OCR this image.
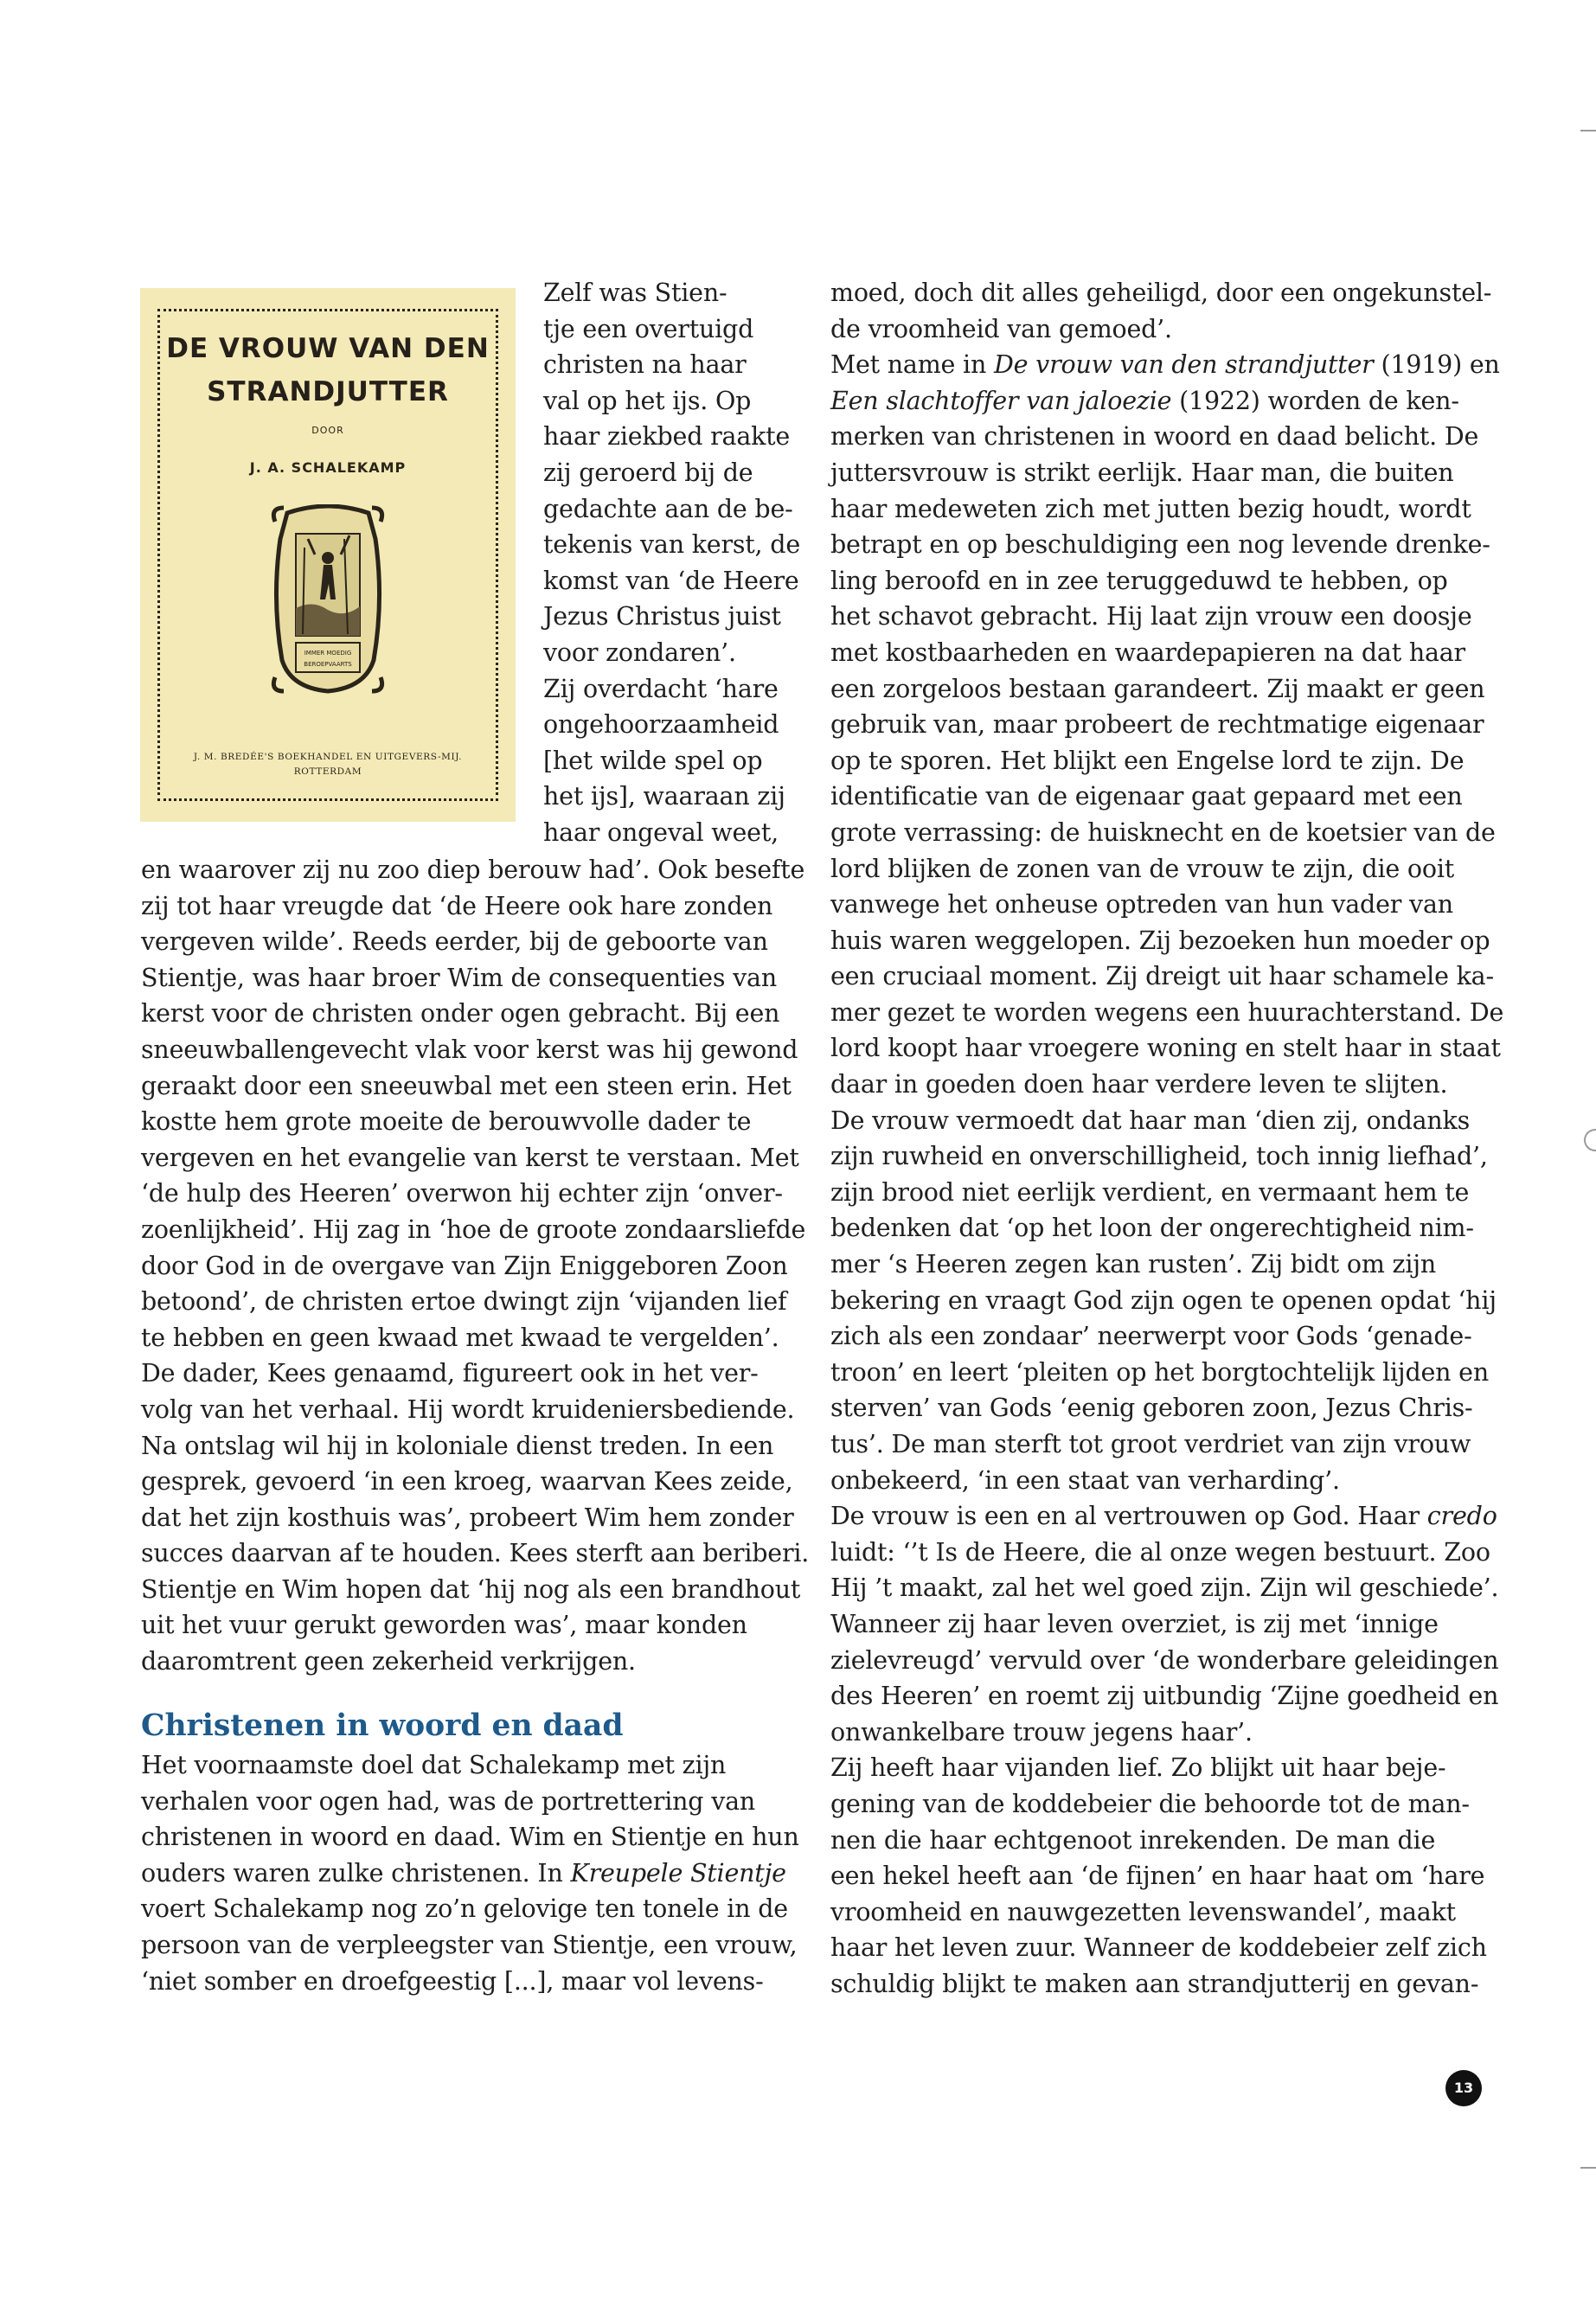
DE VROUW VAN DEN
STRANDJUTTER
DOOR
J. A. SCHALEKAMP
IMMER MOEDIG
BEROEPVAARTS
J. M. BREDÉE'S BOEKHANDEL EN UITGEVERS-MIJ.
ROTTERDAM
Zelf was Stien-
tje een overtuigd
christen na haar
val op het ijs. Op
haar ziekbed raakte
zij geroerd bij de
gedachte aan de be-
tekenis van kerst, de
komst van ‘de Heere
Jezus Christus juist
voor zondaren’.
Zij overdacht ‘hare
ongehoorzaamheid
[het wilde spel op
het ijs], waaraan zij
haar ongeval weet,
en waarover zij nu zoo diep berouw had’. Ook besefte
zij tot haar vreugde dat ‘de Heere ook hare zonden
vergeven wilde’. Reeds eerder, bij de geboorte van
Stientje, was haar broer Wim de consequenties van
kerst voor de christen onder ogen gebracht. Bij een
sneeuwballengevecht vlak voor kerst was hij gewond
geraakt door een sneeuwbal met een steen erin. Het
kostte hem grote moeite de berouwvolle dader te
vergeven en het evangelie van kerst te verstaan. Met
‘de hulp des Heeren’ overwon hij echter zijn ‘onver-
zoenlijkheid’. Hij zag in ‘hoe de groote zondaarsliefde
door God in de overgave van Zijn Eniggeboren Zoon
betoond’, de christen ertoe dwingt zijn ‘vijanden lief
te hebben en geen kwaad met kwaad te vergelden’.
De dader, Kees genaamd, figureert ook in het ver-
volg van het verhaal. Hij wordt kruideniersbediende.
Na ontslag wil hij in koloniale dienst treden. In een
gesprek, gevoerd ‘in een kroeg, waarvan Kees zeide,
dat het zijn kosthuis was’, probeert Wim hem zonder
succes daarvan af te houden. Kees sterft aan beriberi.
Stientje en Wim hopen dat ‘hij nog als een brandhout
uit het vuur gerukt geworden was’, maar konden
daaromtrent geen zekerheid verkrijgen.
Christenen in woord en daad
Het voornaamste doel dat Schalekamp met zijn
verhalen voor ogen had, was de portrettering van
christenen in woord en daad. Wim en Stientje en hun
ouders waren zulke christenen. In Kreupele Stientje
voert Schalekamp nog zo’n gelovige ten tonele in de
persoon van de verpleegster van Stientje, een vrouw,
‘niet somber en droefgeestig [...], maar vol levens-
moed, doch dit alles geheiligd, door een ongekunstel-
de vroomheid van gemoed’.
Met name in De vrouw van den strandjutter (1919) en
Een slachtoffer van jaloezie (1922) worden de ken-
merken van christenen in woord en daad belicht. De
juttersvrouw is strikt eerlijk. Haar man, die buiten
haar medeweten zich met jutten bezig houdt, wordt
betrapt en op beschuldiging een nog levende drenke-
ling beroofd en in zee teruggeduwd te hebben, op
het schavot gebracht. Hij laat zijn vrouw een doosje
met kostbaarheden en waardepapieren na dat haar
een zorgeloos bestaan garandeert. Zij maakt er geen
gebruik van, maar probeert de rechtmatige eigenaar
op te sporen. Het blijkt een Engelse lord te zijn. De
identificatie van de eigenaar gaat gepaard met een
grote verrassing: de huisknecht en de koetsier van de
lord blijken de zonen van de vrouw te zijn, die ooit
vanwege het onheuse optreden van hun vader van
huis waren weggelopen. Zij bezoeken hun moeder op
een cruciaal moment. Zij dreigt uit haar schamele ka-
mer gezet te worden wegens een huurachterstand. De
lord koopt haar vroegere woning en stelt haar in staat
daar in goeden doen haar verdere leven te slijten.
De vrouw vermoedt dat haar man ‘dien zij, ondanks
zijn ruwheid en onverschilligheid, toch innig liefhad’,
zijn brood niet eerlijk verdient, en vermaant hem te
bedenken dat ‘op het loon der ongerechtigheid nim-
mer ‘s Heeren zegen kan rusten’. Zij bidt om zijn
bekering en vraagt God zijn ogen te openen opdat ‘hij
zich als een zondaar’ neerwerpt voor Gods ‘genade-
troon’ en leert ‘pleiten op het borgtochtelijk lijden en
sterven’ van Gods ‘eenig geboren zoon, Jezus Chris-
tus’. De man sterft tot groot verdriet van zijn vrouw
onbekeerd, ‘in een staat van verharding’.
De vrouw is een en al vertrouwen op God. Haar credo
luidt: ‘’t Is de Heere, die al onze wegen bestuurt. Zoo
Hij ’t maakt, zal het wel goed zijn. Zijn wil geschiede’.
Wanneer zij haar leven overziet, is zij met ‘innige
zielevreugd’ vervuld over ‘de wonderbare geleidingen
des Heeren’ en roemt zij uitbundig ‘Zijne goedheid en
onwankelbare trouw jegens haar’.
Zij heeft haar vijanden lief. Zo blijkt uit haar beje-
gening van de koddebeier die behoorde tot de man-
nen die haar echtgenoot inrekenden. De man die
een hekel heeft aan ‘de fijnen’ en haar haat om ‘hare
vroomheid en nauwgezetten levenswandel’, maakt
haar het leven zuur. Wanneer de koddebeier zelf zich
schuldig blijkt te maken aan strandjutterij en gevan-
13
